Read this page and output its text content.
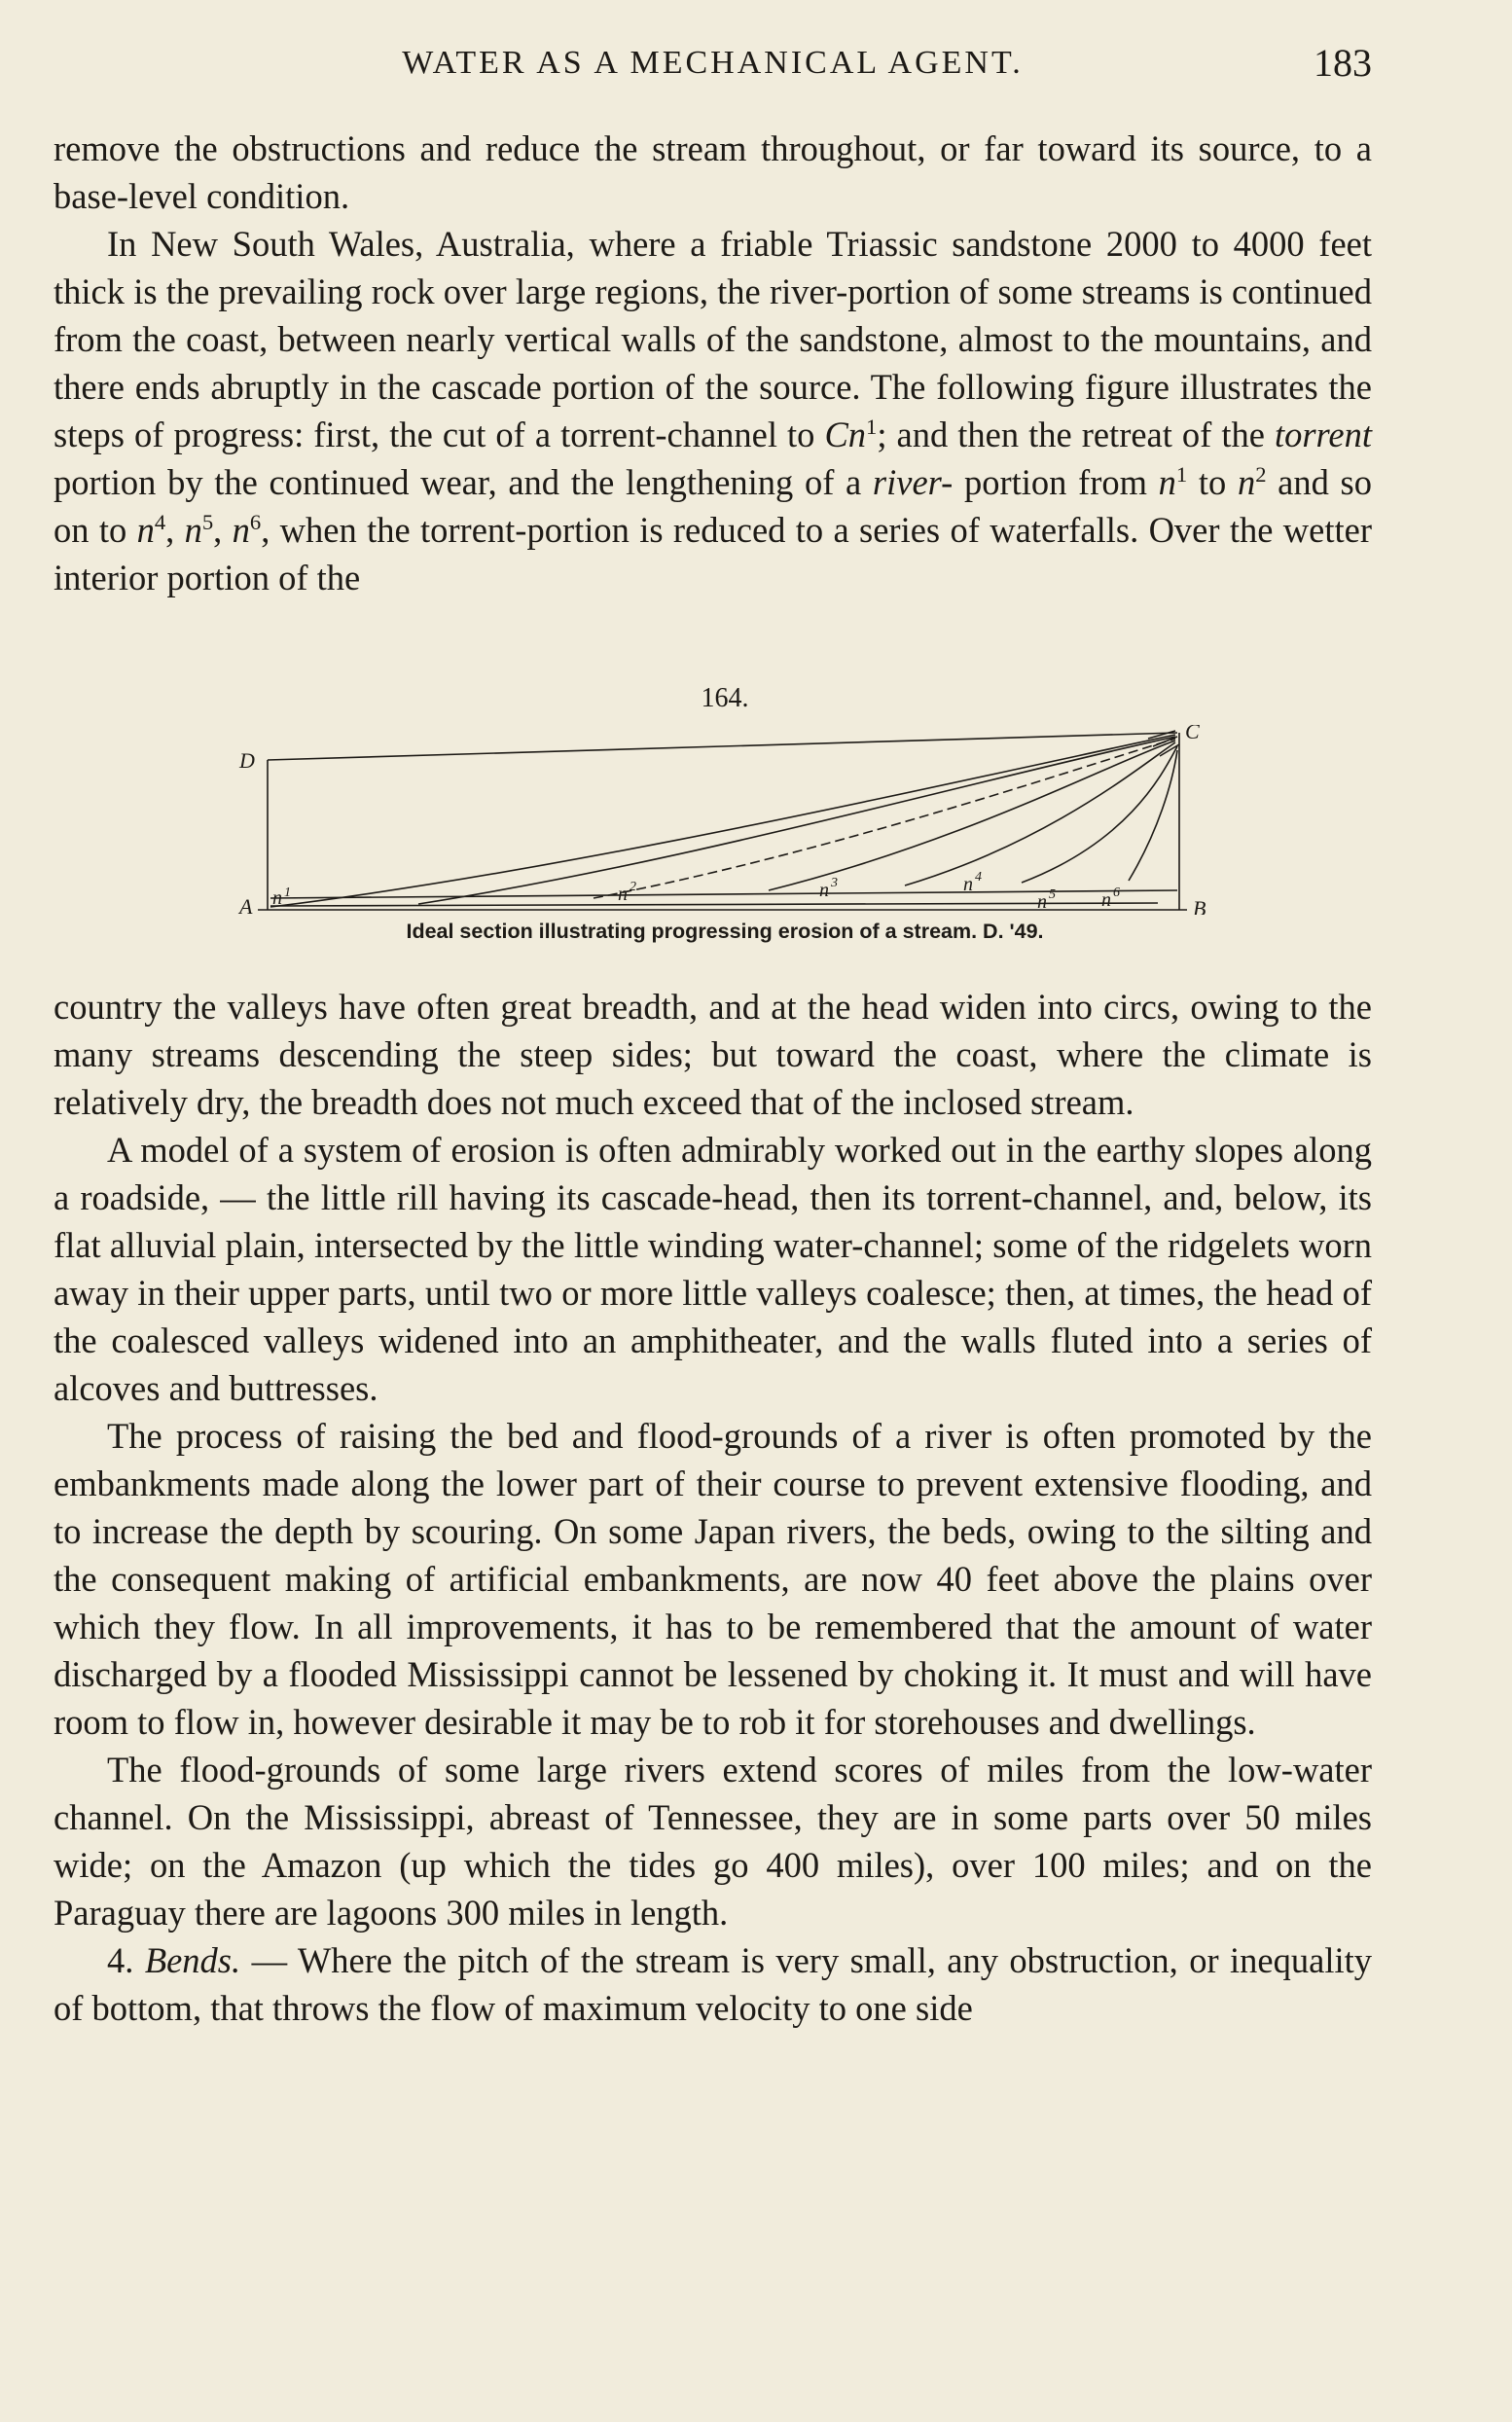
WATER AS A MECHANICAL AGENT.	183

remove the obstructions and reduce the stream throughout, or far toward its source, to a base-level condition.

In New South Wales, Australia, where a friable Triassic sandstone 2000 to 4000 feet thick is the prevailing rock over large regions, the river-portion of some streams is continued from the coast, between nearly vertical walls of the sandstone, almost to the mountains, and there ends abruptly in the cascade portion of the source. The following figure illustrates the steps of progress: first, the cut of a torrent-channel to Cn$^1$; and then the retreat of the torrent portion by the continued wear, and the lengthening of a river- portion from $n^1$ to $n^2$ and so on to $n^4$, $n^5$, $n^6$, when the torrent-portion is reduced to a series of waterfalls. Over the wetter interior portion of the

164.
D
A
C
B
n 1	n 2	n 3	n 4
n 5 n 6
Ideal section illustrating progressing erosion of a stream. D. '49.

country the valleys have often great breadth, and at the head widen into circs, owing to the many streams descending the steep sides; but toward the coast, where the climate is relatively dry, the breadth does not much exceed that of the inclosed stream.

A model of a system of erosion is often admirably worked out in the earthy slopes along a roadside, — the little rill having its cascade-head, then its torrent-channel, and, below, its flat alluvial plain, intersected by the little winding water-channel; some of the ridgelets worn away in their upper parts, until two or more little valleys coalesce; then, at times, the head of the coalesced valleys widened into an amphitheater, and the walls fluted into a series of alcoves and buttresses.

The process of raising the bed and flood-grounds of a river is often promoted by the embankments made along the lower part of their course to prevent extensive flooding, and to increase the depth by scouring. On some Japan rivers, the beds, owing to the silting and the consequent making of artificial embankments, are now 40 feet above the plains over which they flow. In all improvements, it has to be remembered that the amount of water discharged by a flooded Mississippi cannot be lessened by choking it. It must and will have room to flow in, however desirable it may be to rob it for storehouses and dwellings.

The flood-grounds of some large rivers extend scores of miles from the low-water channel. On the Mississippi, abreast of Tennessee, they are in some parts over 50 miles wide; on the Amazon (up which the tides go 400 miles), over 100 miles; and on the Paraguay there are lagoons 300 miles in length.

4. Bends. — Where the pitch of the stream is very small, any obstruction, or inequality of bottom, that throws the flow of maximum velocity to one side
